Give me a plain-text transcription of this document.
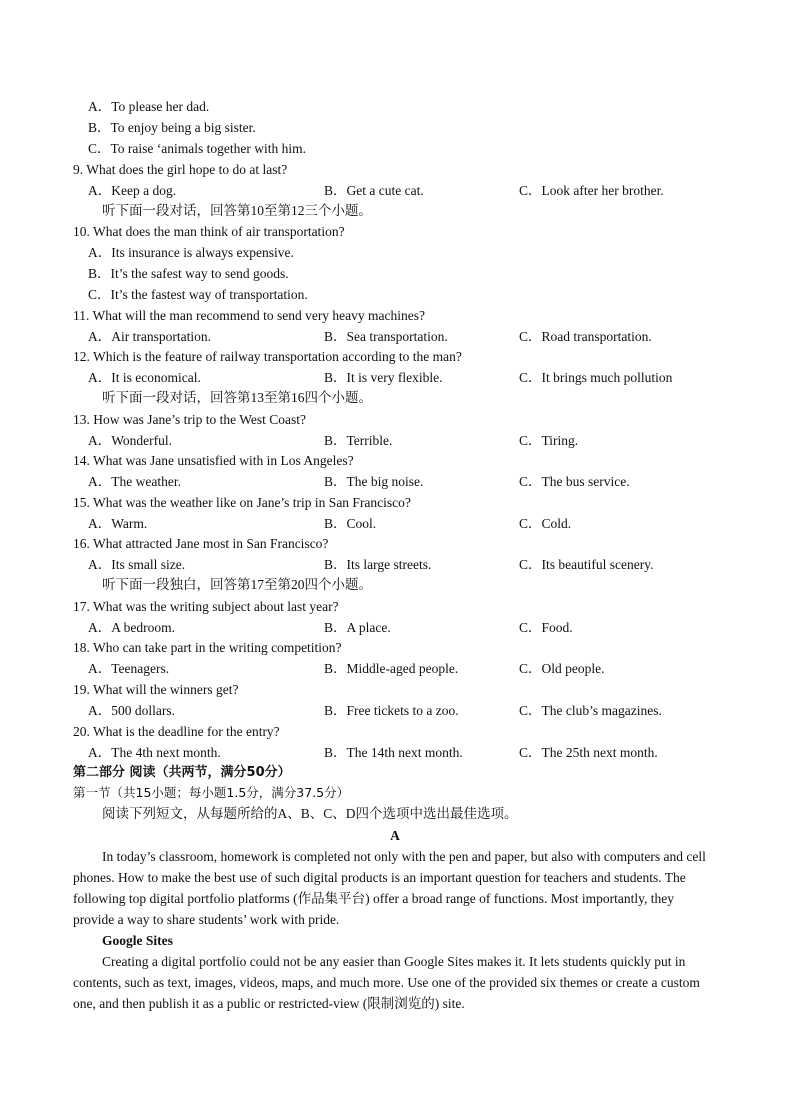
A．To please her dad.
B．To enjoy being a big sister.
C．To raise ‘animals together with him.
9. What does the girl hope to do at last?
A．Keep a dog.	B．Get a cute cat.	C．Look after her brother.
听下面一段对话，回答第10至第12三个小题。
10. What does the man think of air transportation?
A．Its insurance is always expensive.
B．It’s the safest way to send goods.
C．It’s the fastest way of transportation.
11. What will the man recommend to send very heavy machines?
A．Air transportation.	B．Sea transportation.	C．Road transportation.
12. Which is the feature of railway transportation according to the man?
A．It is economical.	B．It is very flexible.	C．It brings much pollution
听下面一段对话，回答第13至第16四个小题。
13. How was Jane’s trip to the West Coast?
A．Wonderful.	B．Terrible.	C．Tiring.
14. What was Jane unsatisfied with in Los Angeles?
A．The weather.	B．The big noise.	C．The bus service.
15. What was the weather like on Jane’s trip in San Francisco?
A．Warm.	B．Cool.	C．Cold.
16. What attracted Jane most in San Francisco?
A．Its small size.	B．Its large streets.	C．Its beautiful scenery.
听下面一段独白，回答第17至第20四个小题。
17. What was the writing subject about last year?
A．A bedroom.	B．A place.	C．Food.
18. Who can take part in the writing competition?
A．Teenagers.	B．Middle-aged people.	C．Old people.
19. What will the winners get?
A．500 dollars.	B．Free tickets to a zoo.	C．The club’s magazines.
20. What is the deadline for the entry?
A．The 4th next month.	B．The 14th next month.	C．The 25th next month.
第二部分 阅读（共两节，满分50分）
第一节（共15小题；每小题1.5分，满分37.5分）
阅读下列短文，从每题所给的A、B、C、D四个选项中选出最佳选项。
A
Google Sites
In today’s classroom, homework is completed not only with the pen and paper, but also with computers and cell phones. How to make the best use of such digital products is an important question for teachers and students. The following top digital portfolio platforms (作品集平台) offer a broad range of functions. Most importantly, they provide a way to share students’ work with pride.
Creating a digital portfolio could not be any easier than Google Sites makes it. It lets students quickly put in contents, such as text, images, videos, maps, and much more. Use one of the provided six themes or create a custom one, and then publish it as a public or restricted-view (限制浏览的) site.
